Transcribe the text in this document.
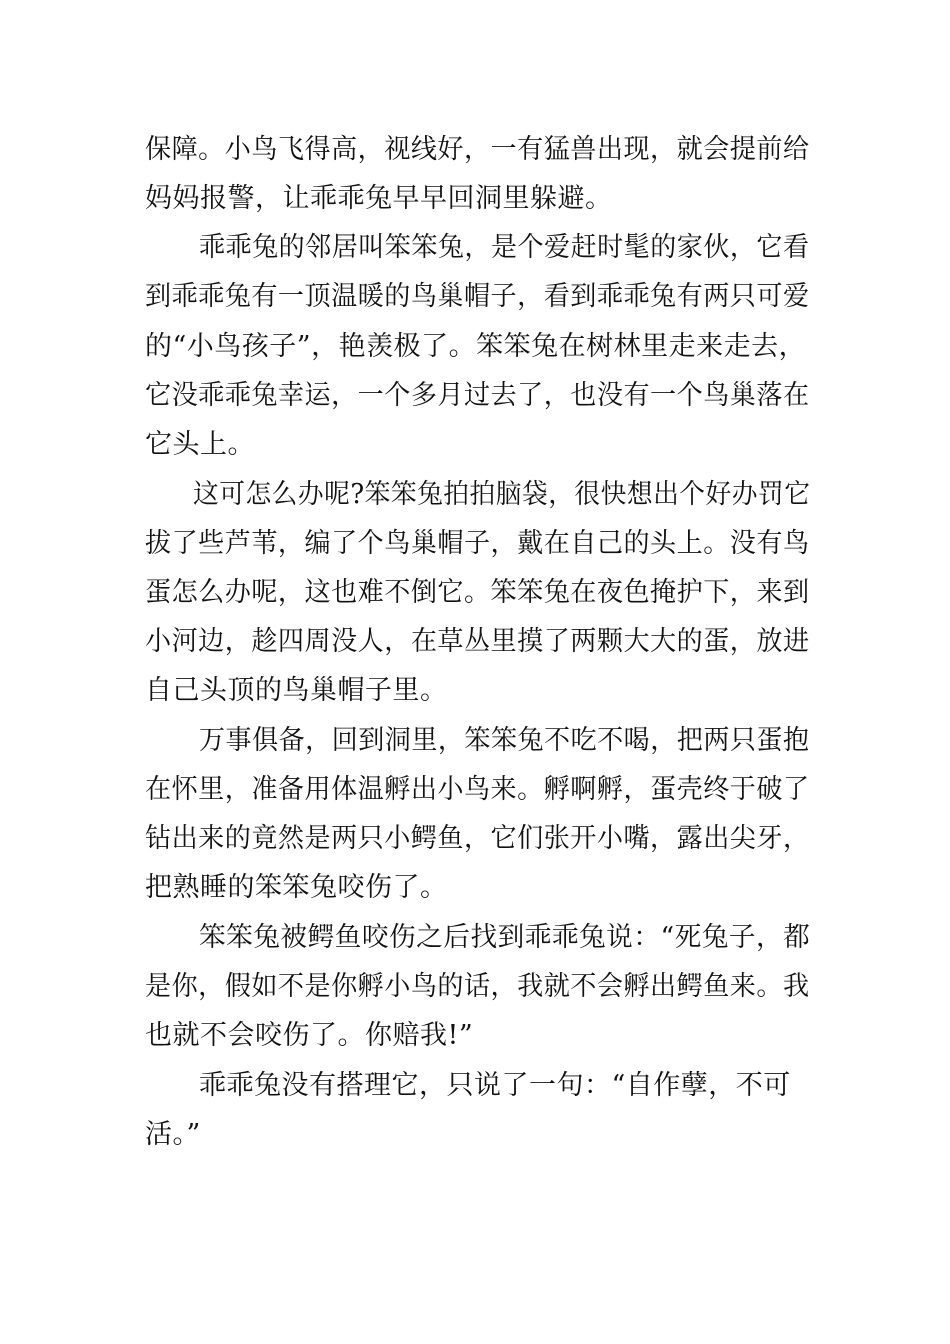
保障。小鸟飞得高，视线好，一有猛兽出现，就会提前给
妈妈报警，让乖乖兔早早回洞里躲避。
乖乖兔的邻居叫笨笨兔，是个爱赶时髦的家伙，它看
到乖乖兔有一顶温暖的鸟巢帽子，看到乖乖兔有两只可爱
的“小鸟孩子”，艳羡极了。笨笨兔在树林里走来走去，
它没乖乖兔幸运，一个多月过去了，也没有一个鸟巢落在
它头上。
这可怎么办呢?笨笨兔拍拍脑袋，很快想出个好办罚它
拔了些芦苇，编了个鸟巢帽子，戴在自己的头上。没有鸟
蛋怎么办呢，这也难不倒它。笨笨兔在夜色掩护下，来到
小河边，趁四周没人，在草丛里摸了两颗大大的蛋，放进
自己头顶的鸟巢帽子里。
万事俱备，回到洞里，笨笨兔不吃不喝，把两只蛋抱
在怀里，准备用体温孵出小鸟来。孵啊孵，蛋壳终于破了
钻出来的竟然是两只小鳄鱼，它们张开小嘴，露出尖牙，
把熟睡的笨笨兔咬伤了。
笨笨兔被鳄鱼咬伤之后找到乖乖兔说：“死兔子，都
是你，假如不是你孵小鸟的话，我就不会孵出鳄鱼来。我
也就不会咬伤了。你赔我!”
乖乖兔没有搭理它，只说了一句：“自作孽，不可
活。”
